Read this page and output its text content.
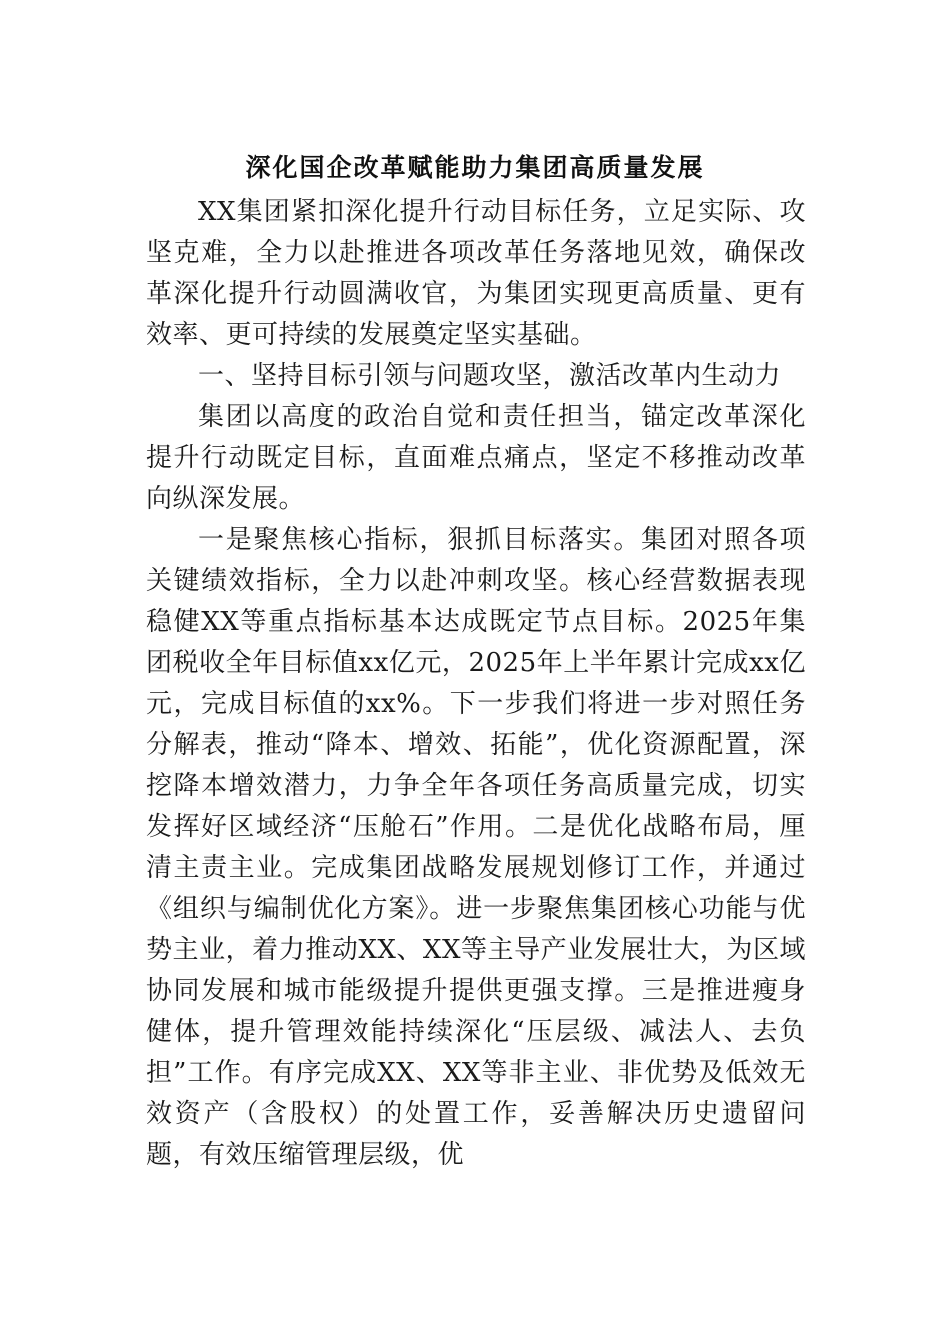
深化国企改革赋能助力集团高质量发展

XX集团紧扣深化提升行动目标任务，立足实际、攻坚克难，全力以赴推进各项改革任务落地见效，确保改革深化提升行动圆满收官，为集团实现更高质量、更有效率、更可持续的发展奠定坚实基础。

一、坚持目标引领与问题攻坚，激活改革内生动力

集团以高度的政治自觉和责任担当，锚定改革深化提升行动既定目标，直面难点痛点，坚定不移推动改革向纵深发展。

一是聚焦核心指标，狠抓目标落实。集团对照各项关键绩效指标，全力以赴冲刺攻坚。核心经营数据表现稳健XX等重点指标基本达成既定节点目标。2025年集团税收全年目标值xx亿元，2025年上半年累计完成xx亿元，完成目标值的xx%。下一步我们将进一步对照任务分解表，推动“降本、增效、拓能”，优化资源配置，深挖降本增效潜力，力争全年各项任务高质量完成，切实发挥好区域经济“压舱石”作用。二是优化战略布局，厘清主责主业。完成集团战略发展规划修订工作，并通过《组织与编制优化方案》。进一步聚焦集团核心功能与优势主业，着力推动XX、XX等主导产业发展壮大，为区域协同发展和城市能级提升提供更强支撑。三是推进瘦身健体，提升管理效能持续深化“压层级、减法人、去负担”工作。有序完成XX、XX等非主业、非优势及低效无效资产（含股权）的处置工作，妥善解决历史遗留问题，有效压缩管理层级，优
